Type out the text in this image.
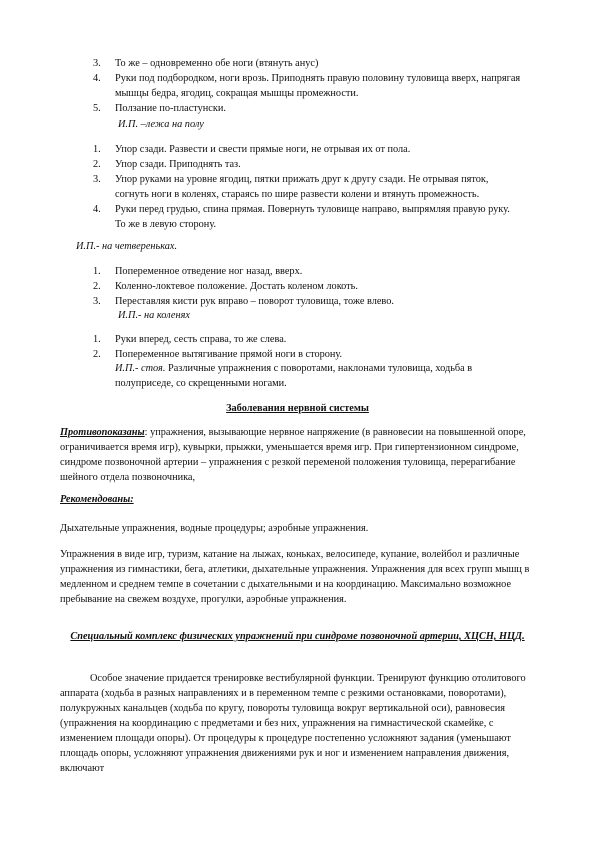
3. То же – одновременно обе ноги (втянуть анус)
4. Руки под подбородком, ноги врозь. Приподнять правую половину туловища вверх, напрягая мышцы бедра, ягодиц, сокращая мышцы промежности.
5. Ползание по-пластунски.
И.П. –лежа на полу
1. Упор сзади. Развести и свести прямые ноги, не отрывая их от пола.
2. Упор сзади. Приподнять таз.
3. Упор руками на уровне ягодиц, пятки прижать друг к другу сзади. Не отрывая пяток, согнуть ноги в коленях, стараясь по шире развести колени и втянуть промежность.
4. Руки перед грудью, спина прямая. Повернуть туловище направо, выпрямляя правую руку. То же в левую сторону.
И.П.- на четвереньках.
1. Попеременное отведение ног назад, вверх.
2. Коленно-локтевое положение. Достать коленом локоть.
3. Переставляя кисти рук вправо – поворот туловища, тоже влево.
И.П.- на коленях
1. Руки вперед, сесть справа, то же слева.
2. Попеременное вытягивание прямой ноги в сторону.
И.П.- стоя. Различные упражнения с поворотами, наклонами туловища, ходьба в полуприседе, со скрещенными ногами.
Заболевания нервной системы
Противопоказаны: упражнения, вызывающие нервное напряжение (в равновесии на повышенной опоре, ограничивается время игр), кувырки, прыжки, уменьшается время игр. При гипертензионном синдроме, синдроме позвоночной артерии – упражнения с резкой переменой положения туловища, перерагибание шейного отдела позвоночника,
Рекомендованы:

Дыхательные упражнения, водные процедуры; аэробные упражнения.

Упражнения в виде игр, туризм, катание на лыжах, коньках, велосипеде, купание, волейбол и различные упражнения из гимнастики, бега, атлетики, дыхательные упражнения. Упражнения для всех групп мышц в медленном и среднем темпе в сочетании с дыхательными и на координацию. Максимально возможное пребывание на свежем воздухе, прогулки, аэробные упражнения.

Специальный комплекс физических упражнений при синдроме позвоночной артерии, ХЦСН, НЦД.

Особое значение придается тренировке вестибулярной функции. Тренируют функцию отолитового аппарата (ходьба в разных направлениях и в переменном темпе с резкими остановками, поворотами), полукружных канальцев (ходьба по кругу, повороты туловища вокруг вертикальной оси), равновесия (упражнения на координацию с предметами и без них, упражнения на гимнастической скамейке, с изменением площади опоры). От процедуры к процедуре постепенно усложняют задания (уменьшают площадь опоры, усложняют упражнения движениями рук и ног и изменением направления движения, включают
